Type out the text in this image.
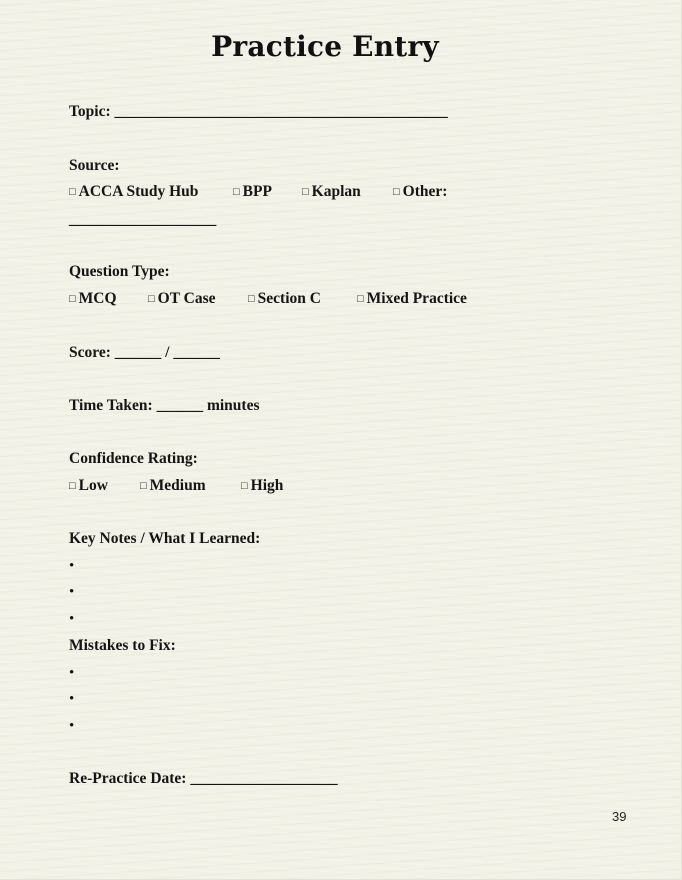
Practice Entry
Topic: ___________________________________________
Source:
□ ACCA Study Hub	□ BPP	□ Kaplan	□ Other:
___________________
Question Type:
□ MCQ	□ OT Case	□ Section C	□ Mixed Practice
Score: ______ / ______
Time Taken: ______ minutes
Confidence Rating:
□ Low	□ Medium	□ High
Key Notes / What I Learned:
•
•
•
Mistakes to Fix:
•
•
•
Re-Practice Date: ___________________
39
